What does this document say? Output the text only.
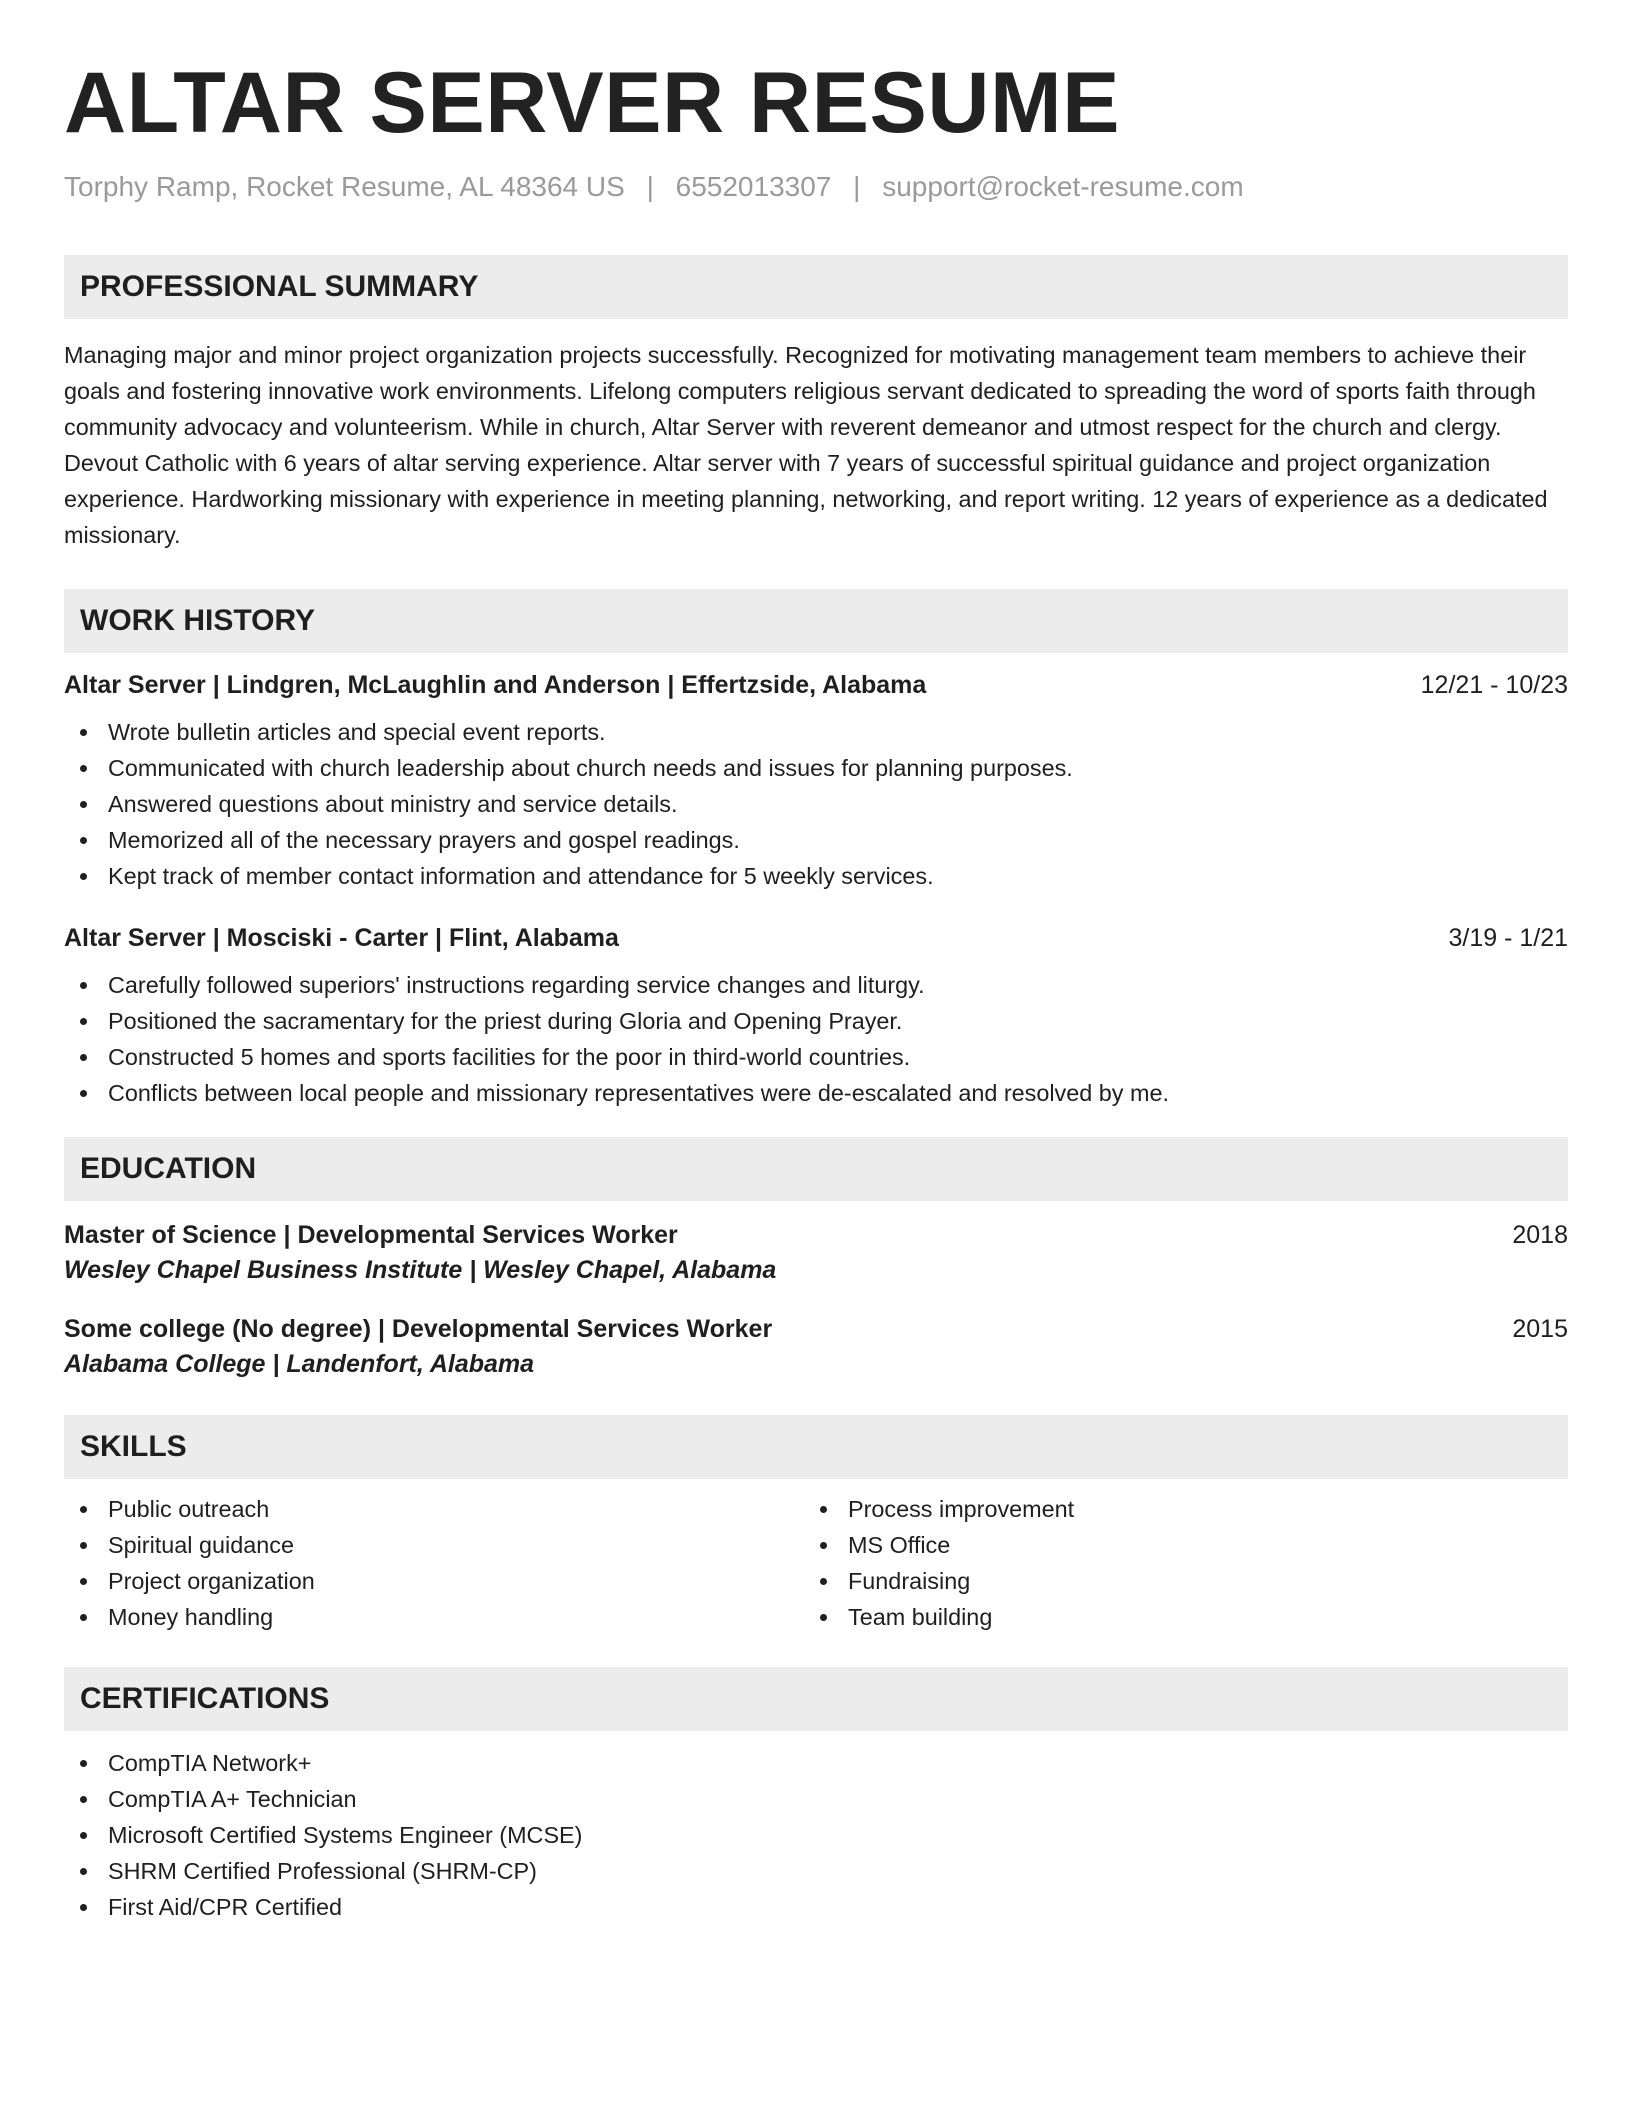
ALTAR SERVER RESUME
Torphy Ramp, Rocket Resume, AL 48364 US | 6552013307 | support@rocket-resume.com
PROFESSIONAL SUMMARY

Managing major and minor project organization projects successfully. Recognized for motivating management team members to achieve their goals and fostering innovative work environments. Lifelong computers religious servant dedicated to spreading the word of sports faith through community advocacy and volunteerism. While in church, Altar Server with reverent demeanor and utmost respect for the church and clergy. Devout Catholic with 6 years of altar serving experience. Altar server with 7 years of successful spiritual guidance and project organization experience. Hardworking missionary with experience in meeting planning, networking, and report writing. 12 years of experience as a dedicated missionary.

WORK HISTORY
Altar Server | Lindgren, McLaughlin and Anderson | Effertzside, Alabama	12/21 - 10/23
Wrote bulletin articles and special event reports.
Communicated with church leadership about church needs and issues for planning purposes.
Answered questions about ministry and service details.
Memorized all of the necessary prayers and gospel readings.
Kept track of member contact information and attendance for 5 weekly services.
Altar Server | Mosciski - Carter | Flint, Alabama	3/19 - 1/21
Carefully followed superiors' instructions regarding service changes and liturgy.
Positioned the sacramentary for the priest during Gloria and Opening Prayer.
Constructed 5 homes and sports facilities for the poor in third-world countries.
Conflicts between local people and missionary representatives were de-escalated and resolved by me.
EDUCATION
Master of Science | Developmental Services Worker	2018
Wesley Chapel Business Institute | Wesley Chapel, Alabama
Some college (No degree) | Developmental Services Worker	2015
Alabama College | Landenfort, Alabama
SKILLS
Public outreach
Spiritual guidance
Project organization
Money handling
Process improvement
MS Office
Fundraising
Team building
CERTIFICATIONS
CompTIA Network+
CompTIA A+ Technician
Microsoft Certified Systems Engineer (MCSE)
SHRM Certified Professional (SHRM-CP)
First Aid/CPR Certified
